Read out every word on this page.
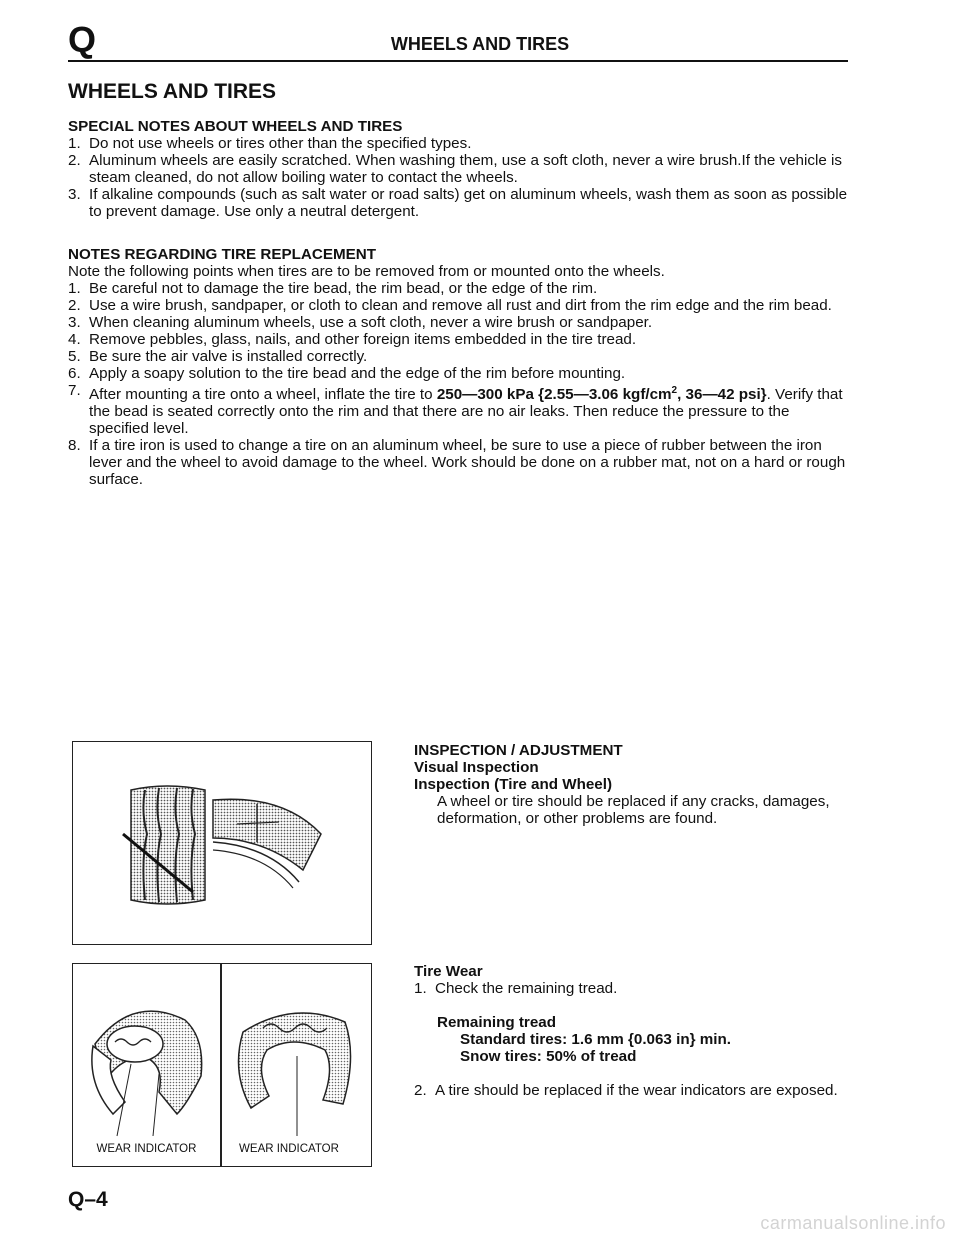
Q	WHEELS AND TIRES
WHEELS AND TIRES
SPECIAL NOTES ABOUT WHEELS AND TIRES
1. Do not use wheels or tires other than the specified types.
2. Aluminum wheels are easily scratched. When washing them, use a soft cloth, never a wire brush.If the vehicle is steam cleaned, do not allow boiling water to contact the wheels.
3. If alkaline compounds (such as salt water or road salts) get on aluminum wheels, wash them as soon as possible to prevent damage. Use only a neutral detergent.
NOTES REGARDING TIRE REPLACEMENT
Note the following points when tires are to be removed from or mounted onto the wheels.
1. Be careful not to damage the tire bead, the rim bead, or the edge of the rim.
2. Use a wire brush, sandpaper, or cloth to clean and remove all rust and dirt from the rim edge and the rim bead.
3. When cleaning aluminum wheels, use a soft cloth, never a wire brush or sandpaper.
4. Remove pebbles, glass, nails, and other foreign items embedded in the tire tread.
5. Be sure the air valve is installed correctly.
6. Apply a soapy solution to the tire bead and the edge of the rim before mounting.
7. After mounting a tire onto a wheel, inflate the tire to 250—300 kPa {2.55—3.06 kgf/$cm^2$, 36—42 psi}. Verify that the bead is seated correctly onto the rim and that there are no air leaks. Then reduce the pressure to the specified level.
8. If a tire iron is used to change a tire on an aluminum wheel, be sure to use a piece of rubber between the iron lever and the wheel to avoid damage to the wheel. Work should be done on a rubber mat, not on a hard or rough surface.
WEAR INDICATOR	WEAR INDICATOR
INSPECTION / ADJUSTMENT
Visual Inspection
Inspection (Tire and Wheel)
A wheel or tire should be replaced if any cracks, damages, deformation, or other problems are found.
Tire Wear
1. Check the remaining tread.
Remaining tread
Standard tires: 1.6 mm {0.063 in} min.
Snow tires: 50% of tread
2. A tire should be replaced if the wear indicators are exposed.
Q–4
carmanualsonline.info
